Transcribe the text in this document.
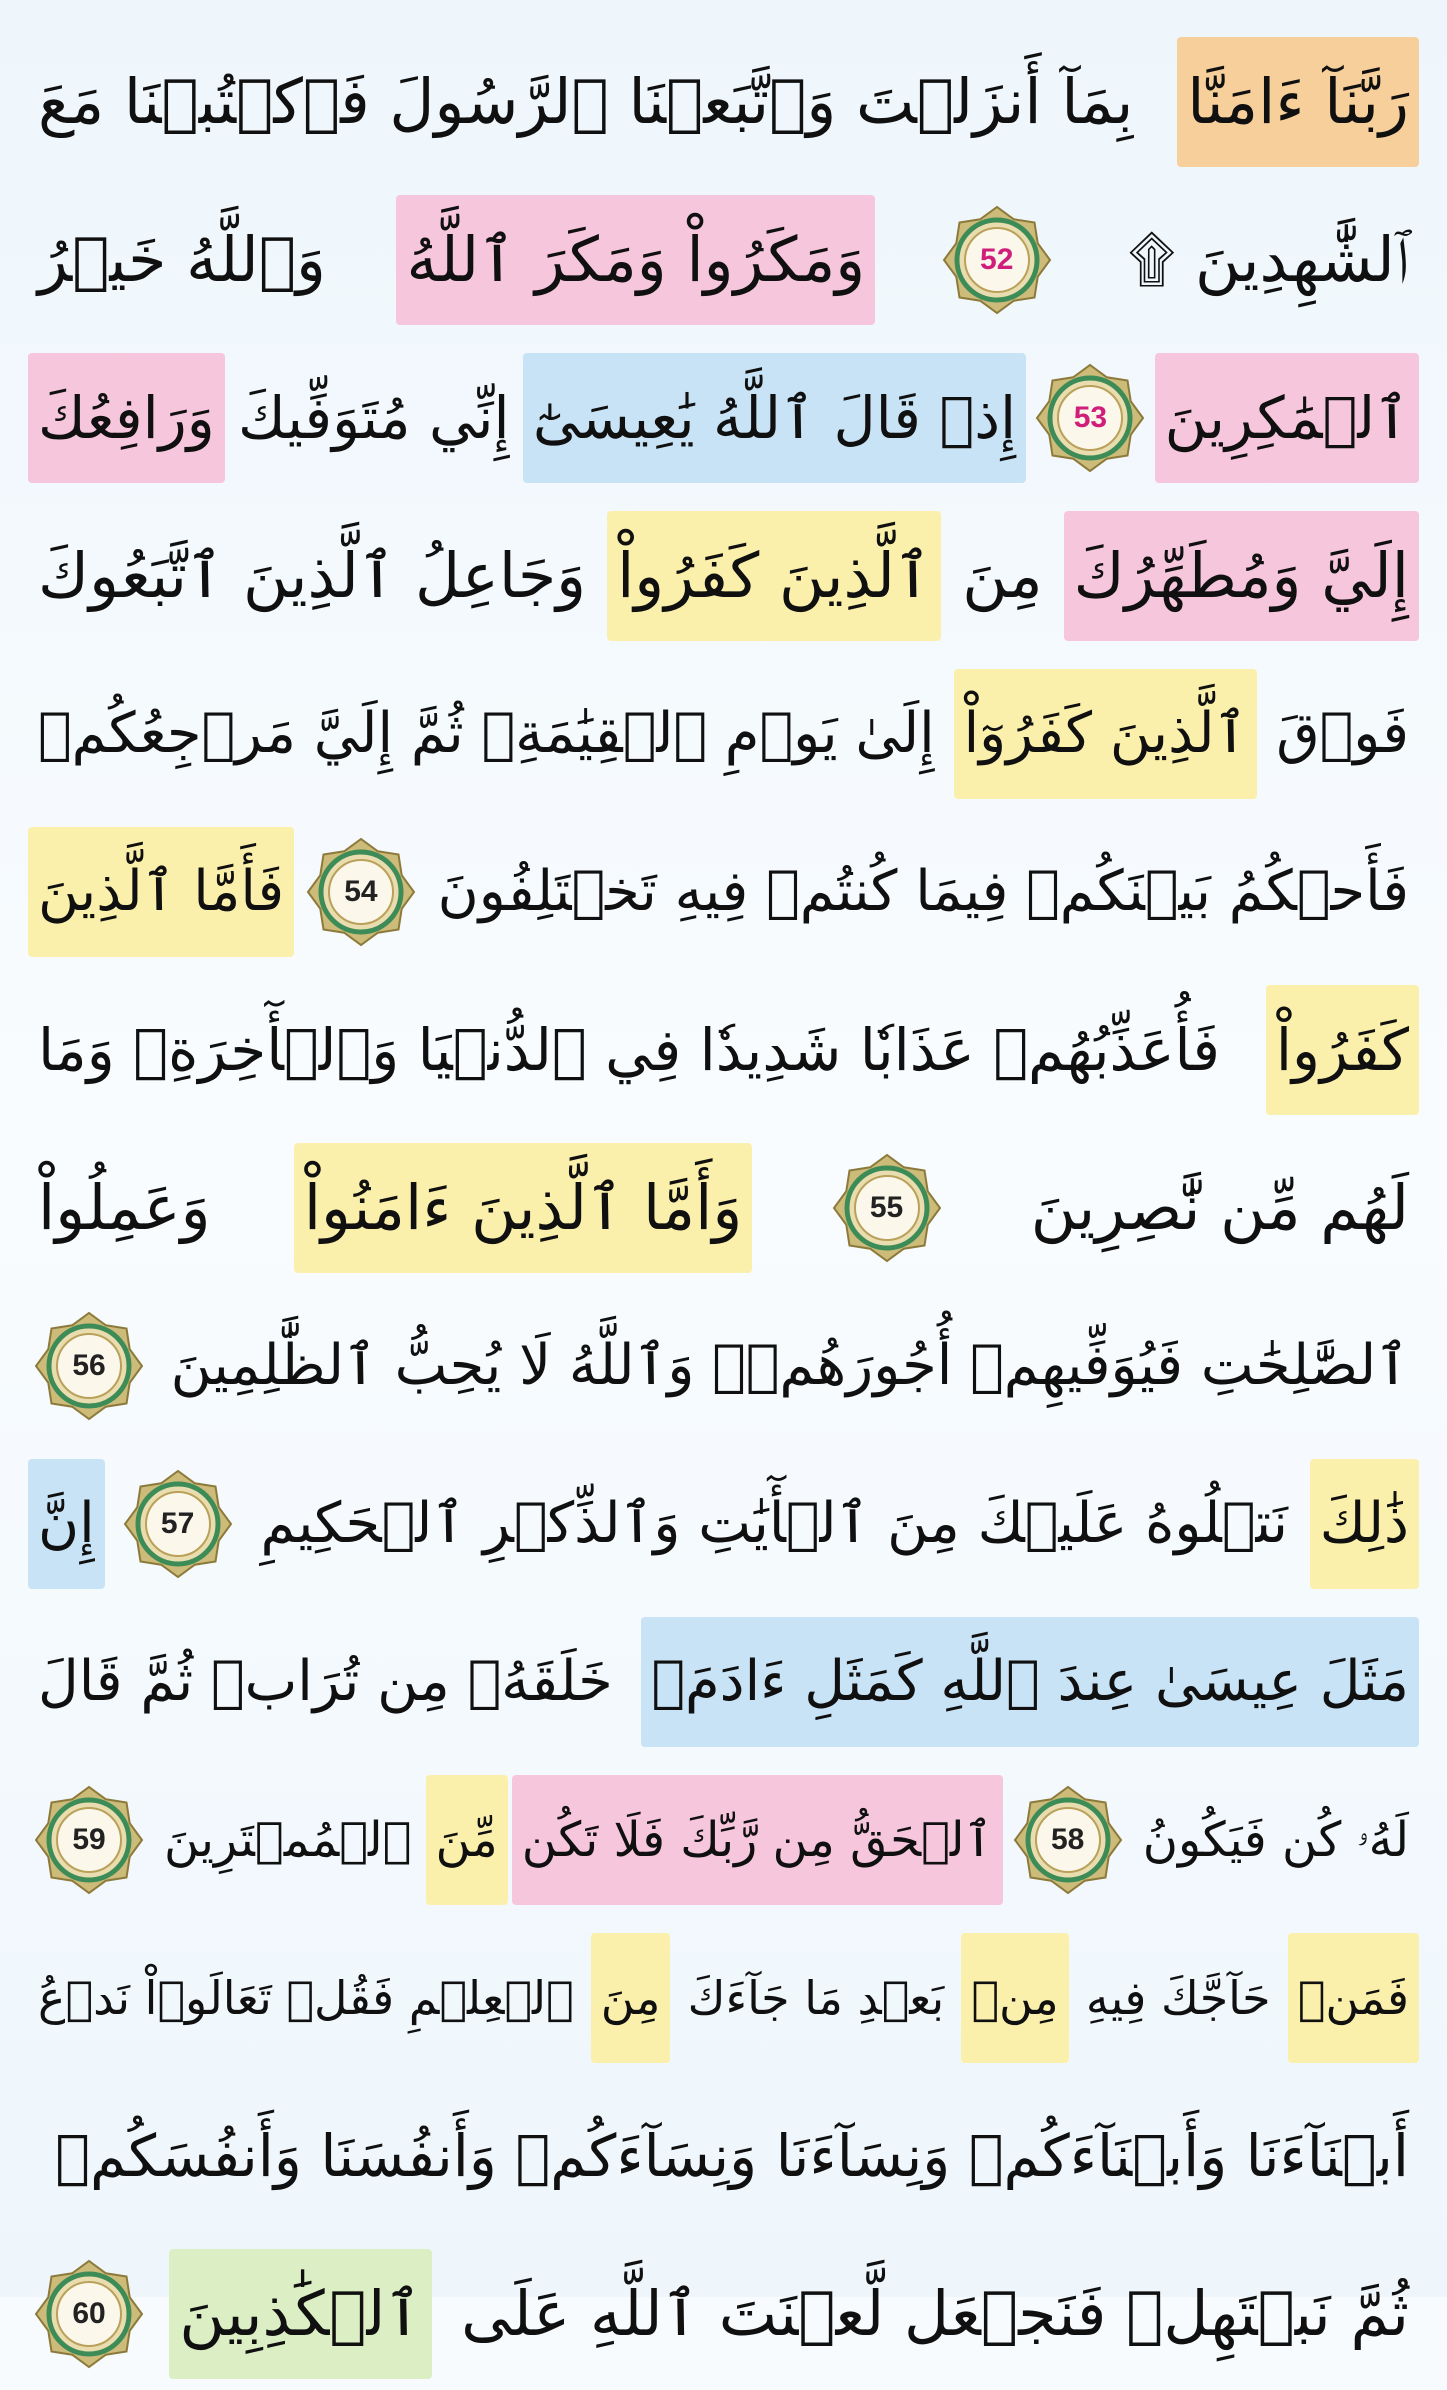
رَبَّنَآ ءَامَنَّا
بِمَآ أَنزَلۡتَ وَٱتَّبَعۡنَا ٱلرَّسُولَ فَٱكۡتُبۡنَا مَعَ
ٱلشَّٰهِدِينَ ۩
52
وَمَكَرُواْ وَمَكَرَ ٱللَّهُ
وَٱللَّهُ خَيۡرُ
ٱلۡمَٰكِرِينَ
53
إِذۡ قَالَ ٱللَّهُ يَٰعِيسَىٰٓ
إِنِّي مُتَوَفِّيكَ
وَرَافِعُكَ
إِلَيَّ وَمُطَهِّرُكَ
مِنَ
ٱلَّذِينَ كَفَرُواْ
وَجَاعِلُ ٱلَّذِينَ ٱتَّبَعُوكَ
فَوۡقَ
ٱلَّذِينَ كَفَرُوٓاْ
إِلَىٰ يَوۡمِ ٱلۡقِيَٰمَةِۖ ثُمَّ إِلَيَّ مَرۡجِعُكُمۡ
فَأَحۡكُمُ بَيۡنَكُمۡ فِيمَا كُنتُمۡ فِيهِ تَخۡتَلِفُونَ
54
فَأَمَّا ٱلَّذِينَ
كَفَرُواْ
فَأُعَذِّبُهُمۡ عَذَابٗا شَدِيدٗا فِي ٱلدُّنۡيَا وَٱلۡأٓخِرَةِۖ وَمَا
لَهُم مِّن نَّٰصِرِينَ
55
وَأَمَّا ٱلَّذِينَ ءَامَنُواْ
وَعَمِلُواْ
ٱلصَّٰلِحَٰتِ فَيُوَفِّيهِمۡ أُجُورَهُمۡۗ وَٱللَّهُ لَا يُحِبُّ ٱلظَّٰلِمِينَ
56
ذَٰلِكَ
نَتۡلُوهُ عَلَيۡكَ مِنَ ٱلۡأٓيَٰتِ وَٱلذِّكۡرِ ٱلۡحَكِيمِ
57
إِنَّ
مَثَلَ عِيسَىٰ عِندَ ٱللَّهِ كَمَثَلِ ءَادَمَۖ
خَلَقَهُۥ مِن تُرَابٖ ثُمَّ قَالَ
لَهُۥ كُن فَيَكُونُ
58
ٱلۡحَقُّ مِن رَّبِّكَ فَلَا تَكُن
مِّنَ
ٱلۡمُمۡتَرِينَ
59
فَمَنۡ
حَآجَّكَ فِيهِ
مِنۢ
بَعۡدِ مَا جَآءَكَ
مِنَ
ٱلۡعِلۡمِ فَقُلۡ تَعَالَوۡاْ نَدۡعُ
أَبۡنَآءَنَا وَأَبۡنَآءَكُمۡ وَنِسَآءَنَا وَنِسَآءَكُمۡ وَأَنفُسَنَا وَأَنفُسَكُمۡ
ثُمَّ نَبۡتَهِلۡ فَنَجۡعَل لَّعۡنَتَ ٱللَّهِ عَلَى
ٱلۡكَٰذِبِينَ
60
